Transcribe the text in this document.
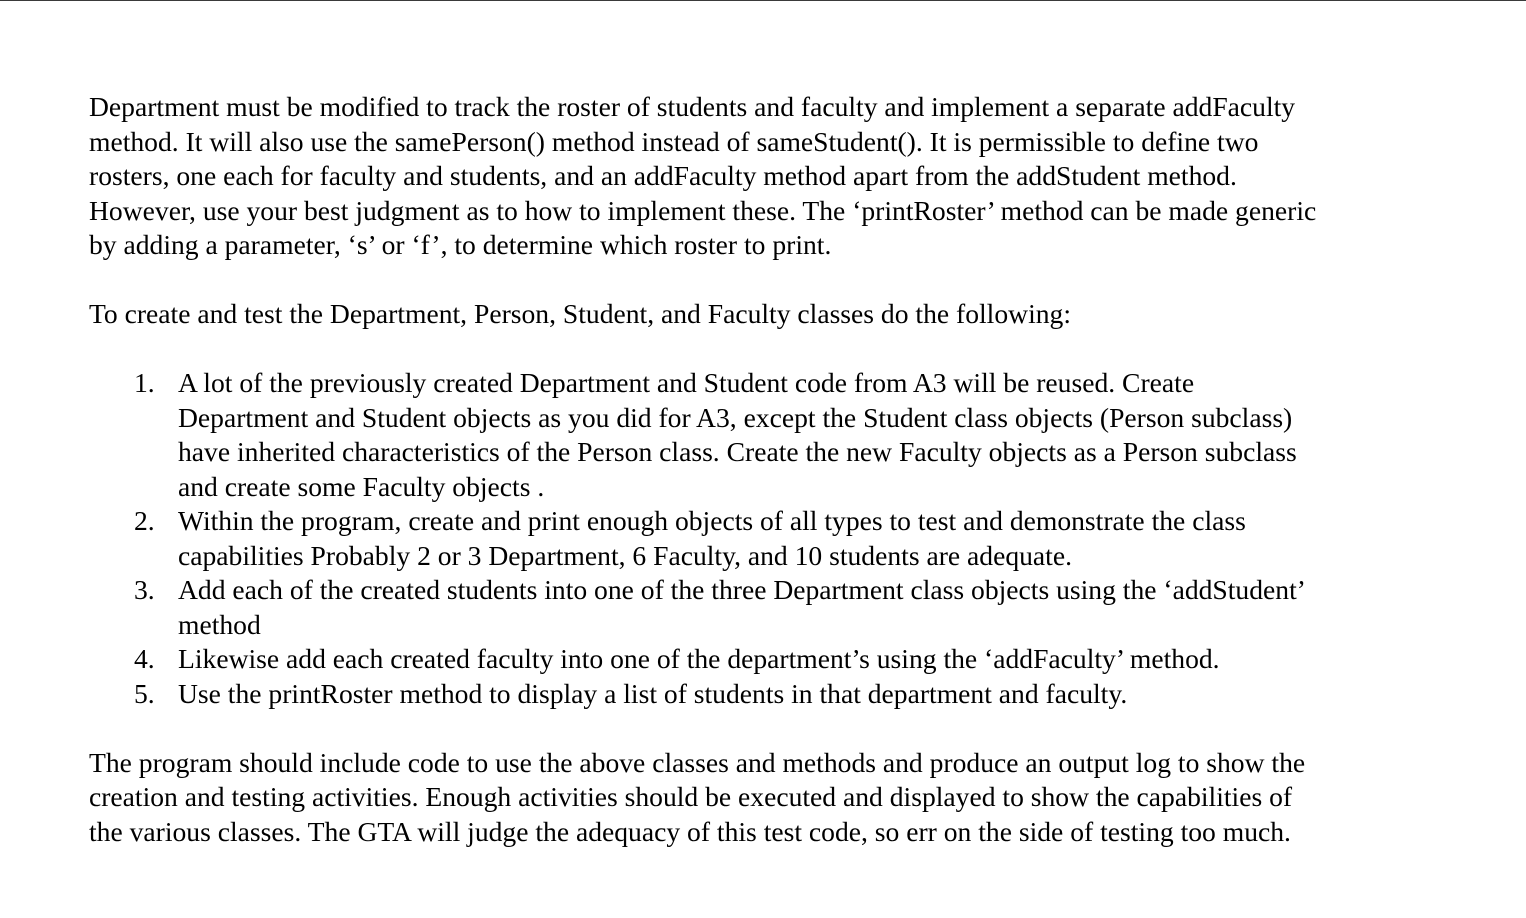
Department must be modified to track the roster of students and faculty and implement a separate addFaculty

method. It will also use the samePerson() method instead of sameStudent(). It is permissible to define two

rosters, one each for faculty and students, and an addFaculty method apart from the addStudent method.

However, use your best judgment as to how to implement these. The ‘printRoster’ method can be made generic

by adding a parameter, ‘s’ or ‘f’, to determine which roster to print.

To create and test the Department, Person, Student, and Faculty classes do the following:

1. A lot of the previously created Department and Student code from A3 will be reused. Create
Department and Student objects as you did for A3, except the Student class objects (Person subclass)
have inherited characteristics of the Person class. Create the new Faculty objects as a Person subclass
and create some Faculty objects .
2. Within the program, create and print enough objects of all types to test and demonstrate the class
capabilities Probably 2 or 3 Department, 6 Faculty, and 10 students are adequate.
3. Add each of the created students into one of the three Department class objects using the ‘addStudent’
method
4. Likewise add each created faculty into one of the department’s using the ‘addFaculty’ method.
5. Use the printRoster method to display a list of students in that department and faculty.

The program should include code to use the above classes and methods and produce an output log to show the

creation and testing activities. Enough activities should be executed and displayed to show the capabilities of

the various classes. The GTA will judge the adequacy of this test code, so err on the side of testing too much.
